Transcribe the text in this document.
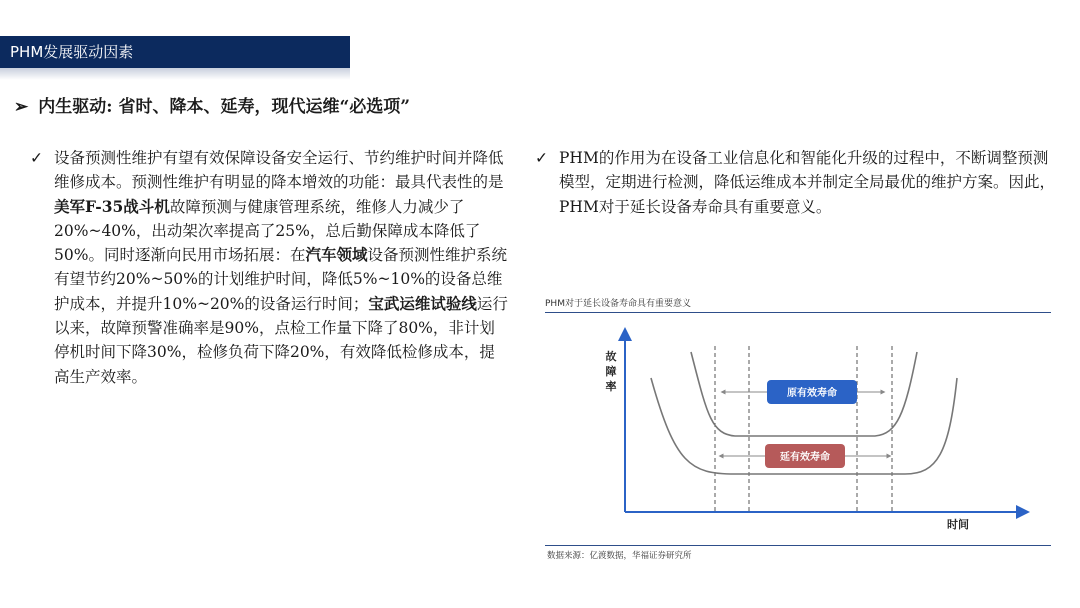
PHM发展驱动因素
➢ 内生驱动: 省时、降本、延寿，现代运维“必选项”
✓ 设备预测性维护有望有效保障设备安全运行、节约维护时间并降低维修成本。预测性维护有明显的降本增效的功能：最具代表性的是美军F-35战斗机故障预测与健康管理系统，维修人力减少了20%~40%，出动架次率提高了25%，总后勤保障成本降低了50%。同时逐渐向民用市场拓展：在汽车领域设备预测性维护系统有望节约20%~50%的计划维护时间，降低5%~10%的设备总维护成本，并提升10%~20%的设备运行时间；宝武运维试验线运行以来，故障预警准确率是90%，点检工作量下降了80%，非计划停机时间下降30%，检修负荷下降20%，有效降低检修成本，提高生产效率。
✓ PHM的作用为在设备工业信息化和智能化升级的过程中，不断调整预测模型，定期进行检测，降低运维成本并制定全局最优的维护方案。因此，PHM对于延长设备寿命具有重要意义。
PHM对于延长设备寿命具有重要意义
原有效寿命
延有效寿命
故障率
时间
数据来源：亿渡数据，华福证券研究所
